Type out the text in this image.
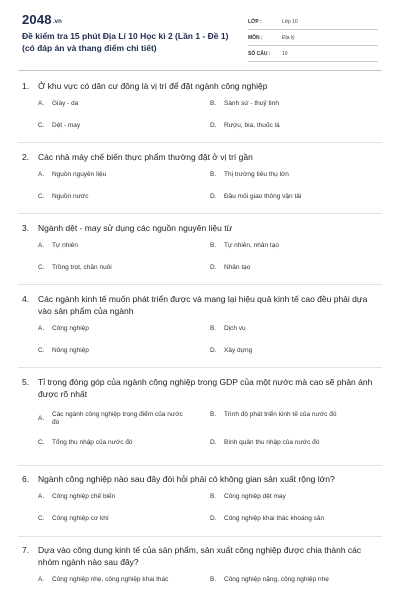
2048.vn
Đề kiểm tra 15 phút Địa Lí 10 Học kì 2 (Lần 1 - Đề 1) (có đáp án và thang điểm chi tiết)
LỚP :	Lớp 10
MÔN :	Địa lý
SỐ CÂU :	10
1.	Ở khu vực có dân cư đông là vị trí để đặt ngành công nghiệp
A.	Giày - da	B.	Sành sứ - thuỷ tinh
C.	Dệt - may	D.	Rượu, bia, thuốc lá
2.	Các nhà máy chế biến thực phẩm thường đặt ở vị trí gần
A.	Nguồn nguyên liệu	B.	Thị trường tiêu thụ lớn
C.	Nguồn nước	D.	Đầu mối giao thông vận tải
3.	Ngành dệt - may sử dụng các nguồn nguyên liệu từ
A.	Tự nhiên	B.	Tự nhiên, nhân tạo
C.	Trồng trọt, chăn nuôi	D.	Nhân tạo
4.	Các ngành kinh tế muốn phát triển được và mang lại hiệu quả kinh tế cao đều phải dựa vào sản phẩm của ngành
A.	Công nghiệp	B.	Dịch vụ
C.	Nông nghiệp	D.	Xây dựng
5.	Tỉ trọng đóng góp của ngành công nghiệp trong GDP của một nước mà cao sẽ phản ánh được rõ nhất
A.
Các ngành công nghiệp trọng điểm của nước đó
B.	Trình độ phát triển kinh tế của nước đó
C.	Tổng thu nhập của nước đó	D.	Bình quân thu nhập của nước đó
6.	Ngành công nghiệp nào sau đây đòi hỏi phải có không gian sản xuất rộng lớn?
A.	Công nghiệp chế biến	B.	Công nghiệp dệt may
C.	Công nghiệp cơ khí	D.	Công nghiệp khai thác khoáng sản
7.	Dựa vào công dụng kinh tế của sản phẩm, sản xuất công nghiệp được chia thành các nhóm ngành nào sau đây?
A.	Công nghiệp nhẹ, công nghiệp khai thác	B.	Công nghiệp nặng, công nghiệp nhẹ
